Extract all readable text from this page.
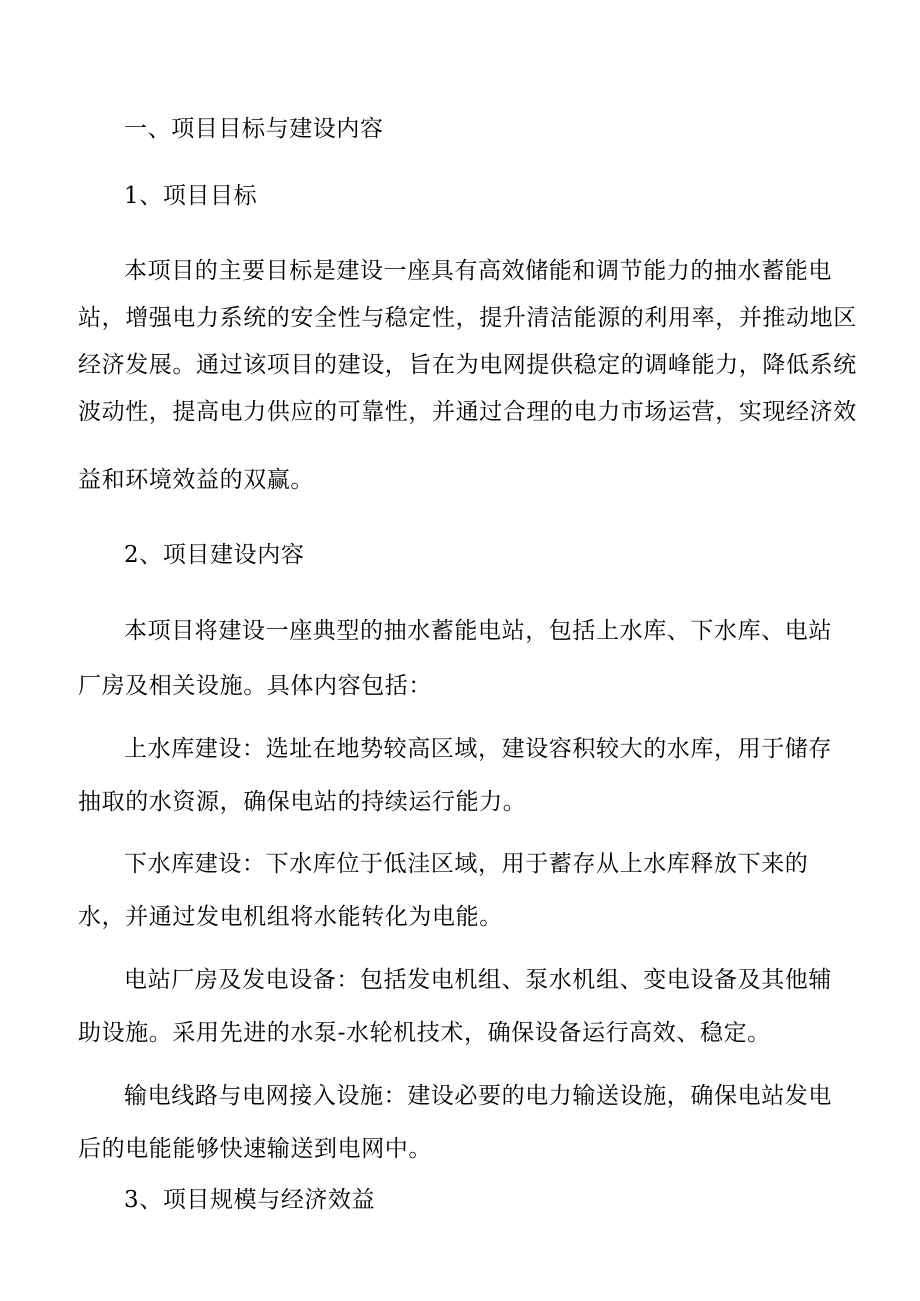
一、项目目标与建设内容
1、项目目标
本项目的主要目标是建设一座具有高效储能和调节能力的抽水蓄能电
站，增强电力系统的安全性与稳定性，提升清洁能源的利用率，并推动地区
经济发展。通过该项目的建设，旨在为电网提供稳定的调峰能力，降低系统
波动性，提高电力供应的可靠性，并通过合理的电力市场运营，实现经济效
益和环境效益的双赢。
2、项目建设内容
本项目将建设一座典型的抽水蓄能电站，包括上水库、下水库、电站
厂房及相关设施。具体内容包括：
上水库建设：选址在地势较高区域，建设容积较大的水库，用于储存
抽取的水资源，确保电站的持续运行能力。
下水库建设：下水库位于低洼区域，用于蓄存从上水库释放下来的
水，并通过发电机组将水能转化为电能。
电站厂房及发电设备：包括发电机组、泵水机组、变电设备及其他辅
助设施。采用先进的水泵-水轮机技术，确保设备运行高效、稳定。
输电线路与电网接入设施：建设必要的电力输送设施，确保电站发电
后的电能能够快速输送到电网中。
3、项目规模与经济效益
